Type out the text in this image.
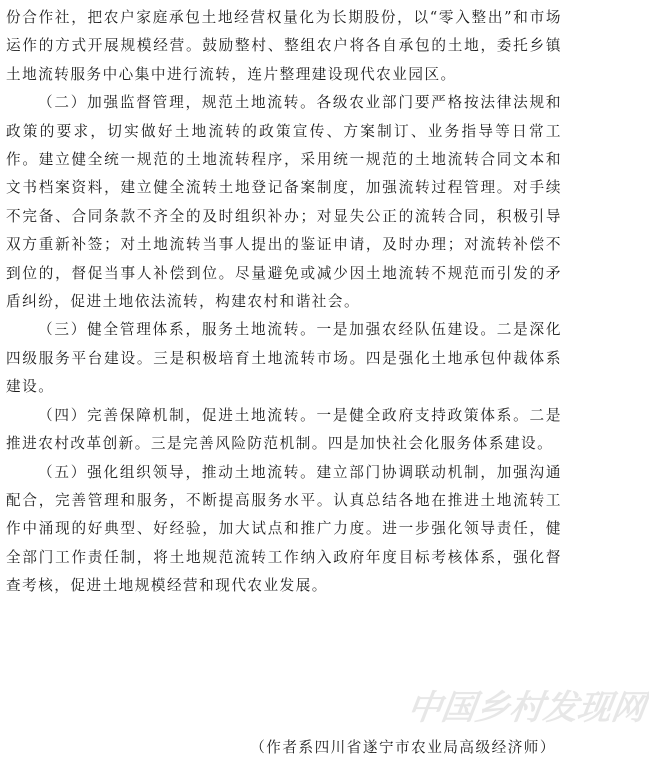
份合作社，把农户家庭承包土地经营权量化为长期股份，以“零入整出”和市场运作的方式开展规模经营。鼓励整村、整组农户将各自承包的土地，委托乡镇土地流转服务中心集中进行流转，连片整理建设现代农业园区。

（二）加强监督管理，规范土地流转。各级农业部门要严格按法律法规和政策的要求，切实做好土地流转的政策宣传、方案制订、业务指导等日常工作。建立健全统一规范的土地流转程序，采用统一规范的土地流转合同文本和文书档案资料，建立健全流转土地登记备案制度，加强流转过程管理。对手续不完备、合同条款不齐全的及时组织补办；对显失公正的流转合同，积极引导双方重新补签；对土地流转当事人提出的鉴证申请，及时办理；对流转补偿不到位的，督促当事人补偿到位。尽量避免或减少因土地流转不规范而引发的矛盾纠纷，促进土地依法流转，构建农村和谐社会。

（三）健全管理体系，服务土地流转。一是加强农经队伍建设。二是深化四级服务平台建设。三是积极培育土地流转市场。四是强化土地承包仲裁体系建设。

（四）完善保障机制，促进土地流转。一是健全政府支持政策体系。二是推进农村改革创新。三是完善风险防范机制。四是加快社会化服务体系建设。

（五）强化组织领导，推动土地流转。建立部门协调联动机制，加强沟通配合，完善管理和服务，不断提高服务水平。认真总结各地在推进土地流转工作中涌现的好典型、好经验，加大试点和推广力度。进一步强化领导责任，健全部门工作责任制，将土地规范流转工作纳入政府年度目标考核体系，强化督查考核，促进土地规模经营和现代农业发展。

中国乡村发现网
（作者系四川省遂宁市农业局高级经济师）
